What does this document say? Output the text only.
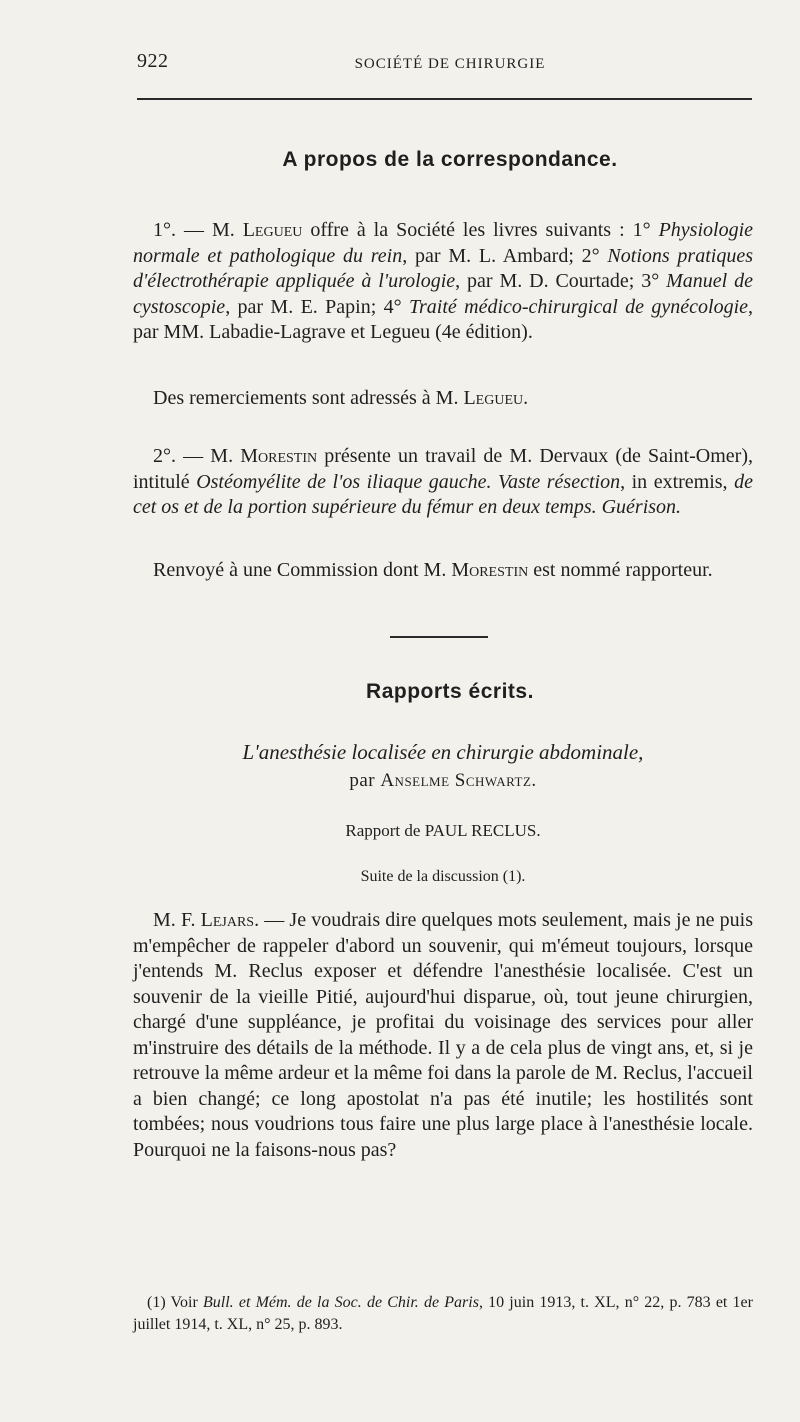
922	SOCIÉTÉ DE CHIRURGIE
A propos de la correspondance.
1°. — M. Legueu offre à la Société les livres suivants : 1° Physiologie normale et pathologique du rein, par M. L. Ambard; 2° Notions pratiques d'électrothérapie appliquée à l'urologie, par M. D. Courtade; 3° Manuel de cystoscopie, par M. E. Papin; 4° Traité médico-chirurgical de gynécologie, par MM. Labadie-Lagrave et Legueu (4e édition).
Des remerciements sont adressés à M. Legueu.
2°. — M. Morestin présente un travail de M. Dervaux (de Saint-Omer), intitulé Ostéomyélite de l'os iliaque gauche. Vaste résection, in extremis, de cet os et de la portion supérieure du fémur en deux temps. Guérison.
Renvoyé à une Commission dont M. Morestin est nommé rapporteur.
Rapports écrits.
L'anesthésie localisée en chirurgie abdominale,
par Anselme Schwartz.
Rapport de PAUL RECLUS.
Suite de la discussion (1).
M. F. Lejars. — Je voudrais dire quelques mots seulement, mais je ne puis m'empêcher de rappeler d'abord un souvenir, qui m'émeut toujours, lorsque j'entends M. Reclus exposer et défendre l'anesthésie localisée. C'est un souvenir de la vieille Pitié, aujourd'hui disparue, où, tout jeune chirurgien, chargé d'une suppléance, je profitai du voisinage des services pour aller m'instruire des détails de la méthode. Il y a de cela plus de vingt ans, et, si je retrouve la même ardeur et la même foi dans la parole de M. Reclus, l'accueil a bien changé; ce long apostolat n'a pas été inutile; les hostilités sont tombées; nous voudrions tous faire une plus large place à l'anesthésie locale. Pourquoi ne la faisons-nous pas?
(1) Voir Bull. et Mém. de la Soc. de Chir. de Paris, 10 juin 1913, t. XL, n° 22, p. 783 et 1er juillet 1914, t. XL, n° 25, p. 893.
